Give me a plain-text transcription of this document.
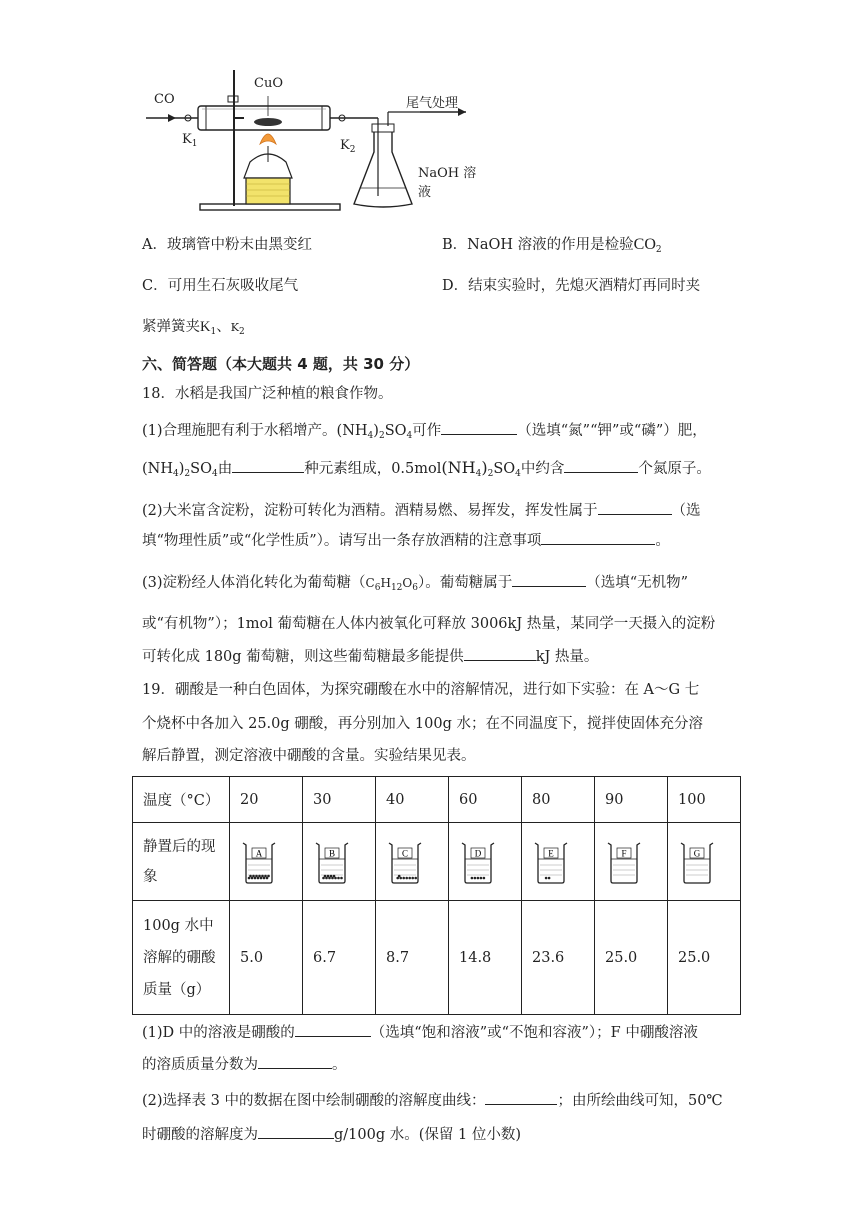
CO
CuO
$K_1$	$K_2$
尾气处理
NaOH 溶液
A．玻璃管中粉末由黑变红	B．NaOH 溶液的作用是检验$CO_2$
C．可用生石灰吸收尾气	D．结束实验时，先熄灭酒精灯再同时夹
紧弹簧夹$K_1$、$K_2$
六、简答题（本大题共 4 题，共 30 分）
18．水稻是我国广泛种植的粮食作物。
(1)合理施肥有利于水稻增产。$(NH_4)_2SO_4$可作	（选填“氮”“钾”或“磷”）肥，
$(NH_4)_2SO_4$由	种元素组成，$0.5mol(NH_4)_2SO_4$中约含	个氮原子。
(2)大米富含淀粉，淀粉可转化为酒精。酒精易燃、易挥发，挥发性属于	（选
填“物理性质”或“化学性质”）。请写出一条存放酒精的注意事项	。
(3)淀粉经人体消化转化为葡萄糖$(C_6H_{12}O_6)$。葡萄糖属于	（选填“无机物”
或“有机物”）；1mol 葡萄糖在人体内被氧化可释放 3006kJ 热量，某同学一天摄入的淀粉
可转化成 180g 葡萄糖，则这些葡萄糖最多能提供	kJ 热量。
19．硼酸是一种白色固体，为探究硼酸在水中的溶解情况，进行如下实验：在 A～G 七
个烧杯中各加入 25.0g 硼酸，再分别加入 100g 水；在不同温度下，搅拌使固体充分溶
解后静置，测定溶液中硼酸的含量。实验结果见表。
温度（°C）	20	30	40	60	80	90	100
静置后的现
象	A	B	C	D	E	F	G

100g 水中
溶解的硼酸
质量（g）	5.0	6.7	8.7	14.8	23.6	25.0	25.0
(1)D 中的溶液是硼酸的	（选填“饱和溶液”或“不饱和容液”）；F 中硼酸溶液
的溶质质量分数为	。
(2)选择表 3 中的数据在图中绘制硼酸的溶解度曲线：	；由所绘曲线可知，50℃
时硼酸的溶解度为	g/100g 水。(保留 1 位小数)
